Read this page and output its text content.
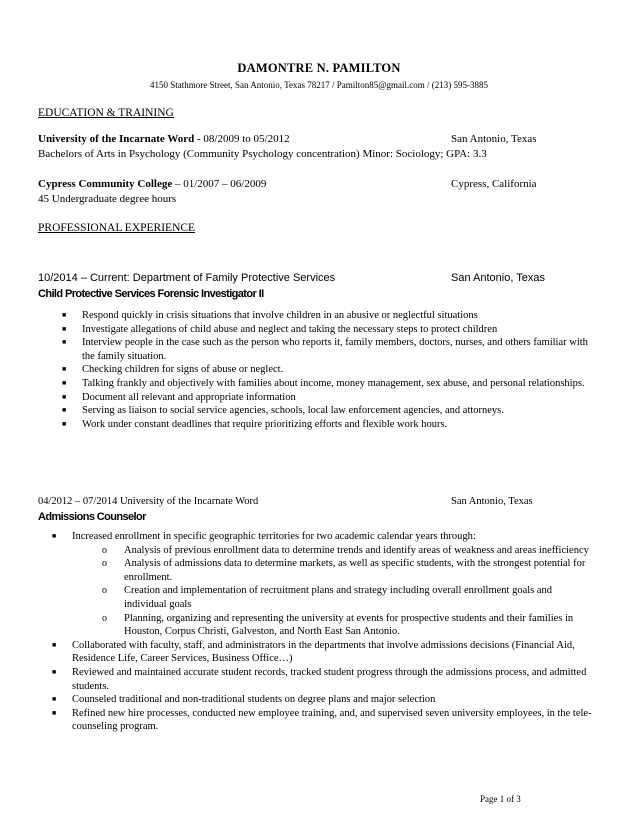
DAMONTRE N. PAMILTON
4150 Stathmore Street, San Antonio, Texas 78217 / Pamilton85@gmail.com / (213) 595-3885
EDUCATION & TRAINING
University of the Incarnate Word - 08/2009 to 05/2012	San Antonio, Texas
Bachelors of Arts in Psychology (Community Psychology concentration) Minor: Sociology; GPA: 3.3
Cypress Community College – 01/2007 – 06/2009	Cypress, California
45 Undergraduate degree hours
PROFESSIONAL EXPERIENCE
10/2014 – Current: Department of Family Protective Services	San Antonio, Texas
Child Protective Services Forensic Investigator II
■ Respond quickly in crisis situations that involve children in an abusive or neglectful situations
■ Investigate allegations of child abuse and neglect and taking the necessary steps to protect children
■ Interview people in the case such as the person who reports it, family members, doctors, nurses, and others familiar with the family situation.
■ Checking children for signs of abuse or neglect.
■ Talking frankly and objectively with families about income, money management, sex abuse, and personal relationships.
■ Document all relevant and appropriate information
■ Serving as liaison to social service agencies, schools, local law enforcement agencies, and attorneys.
■ Work under constant deadlines that require prioritizing efforts and flexible work hours.
04/2012 – 07/2014 University of the Incarnate Word	San Antonio, Texas
Admissions Counselor
■ Increased enrollment in specific geographic territories for two academic calendar years through:
o Analysis of previous enrollment data to determine trends and identify areas of weakness and areas inefficiency
o Analysis of admissions data to determine markets, as well as specific students, with the strongest potential for enrollment.
o Creation and implementation of recruitment plans and strategy including overall enrollment goals and individual goals
o Planning, organizing and representing the university at events for prospective students and their families in Houston, Corpus Christi, Galveston, and North East San Antonio.
■ Collaborated with faculty, staff, and administrators in the departments that involve admissions decisions (Financial Aid, Residence Life, Career Services, Business Office…)
■ Reviewed and maintained accurate student records, tracked student progress through the admissions process, and admitted students.
■ Counseled traditional and non-traditional students on degree plans and major selection
■ Refined new hire processes, conducted new employee training, and, and supervised seven university employees, in the tele-counseling program.
Page 1 of 3
